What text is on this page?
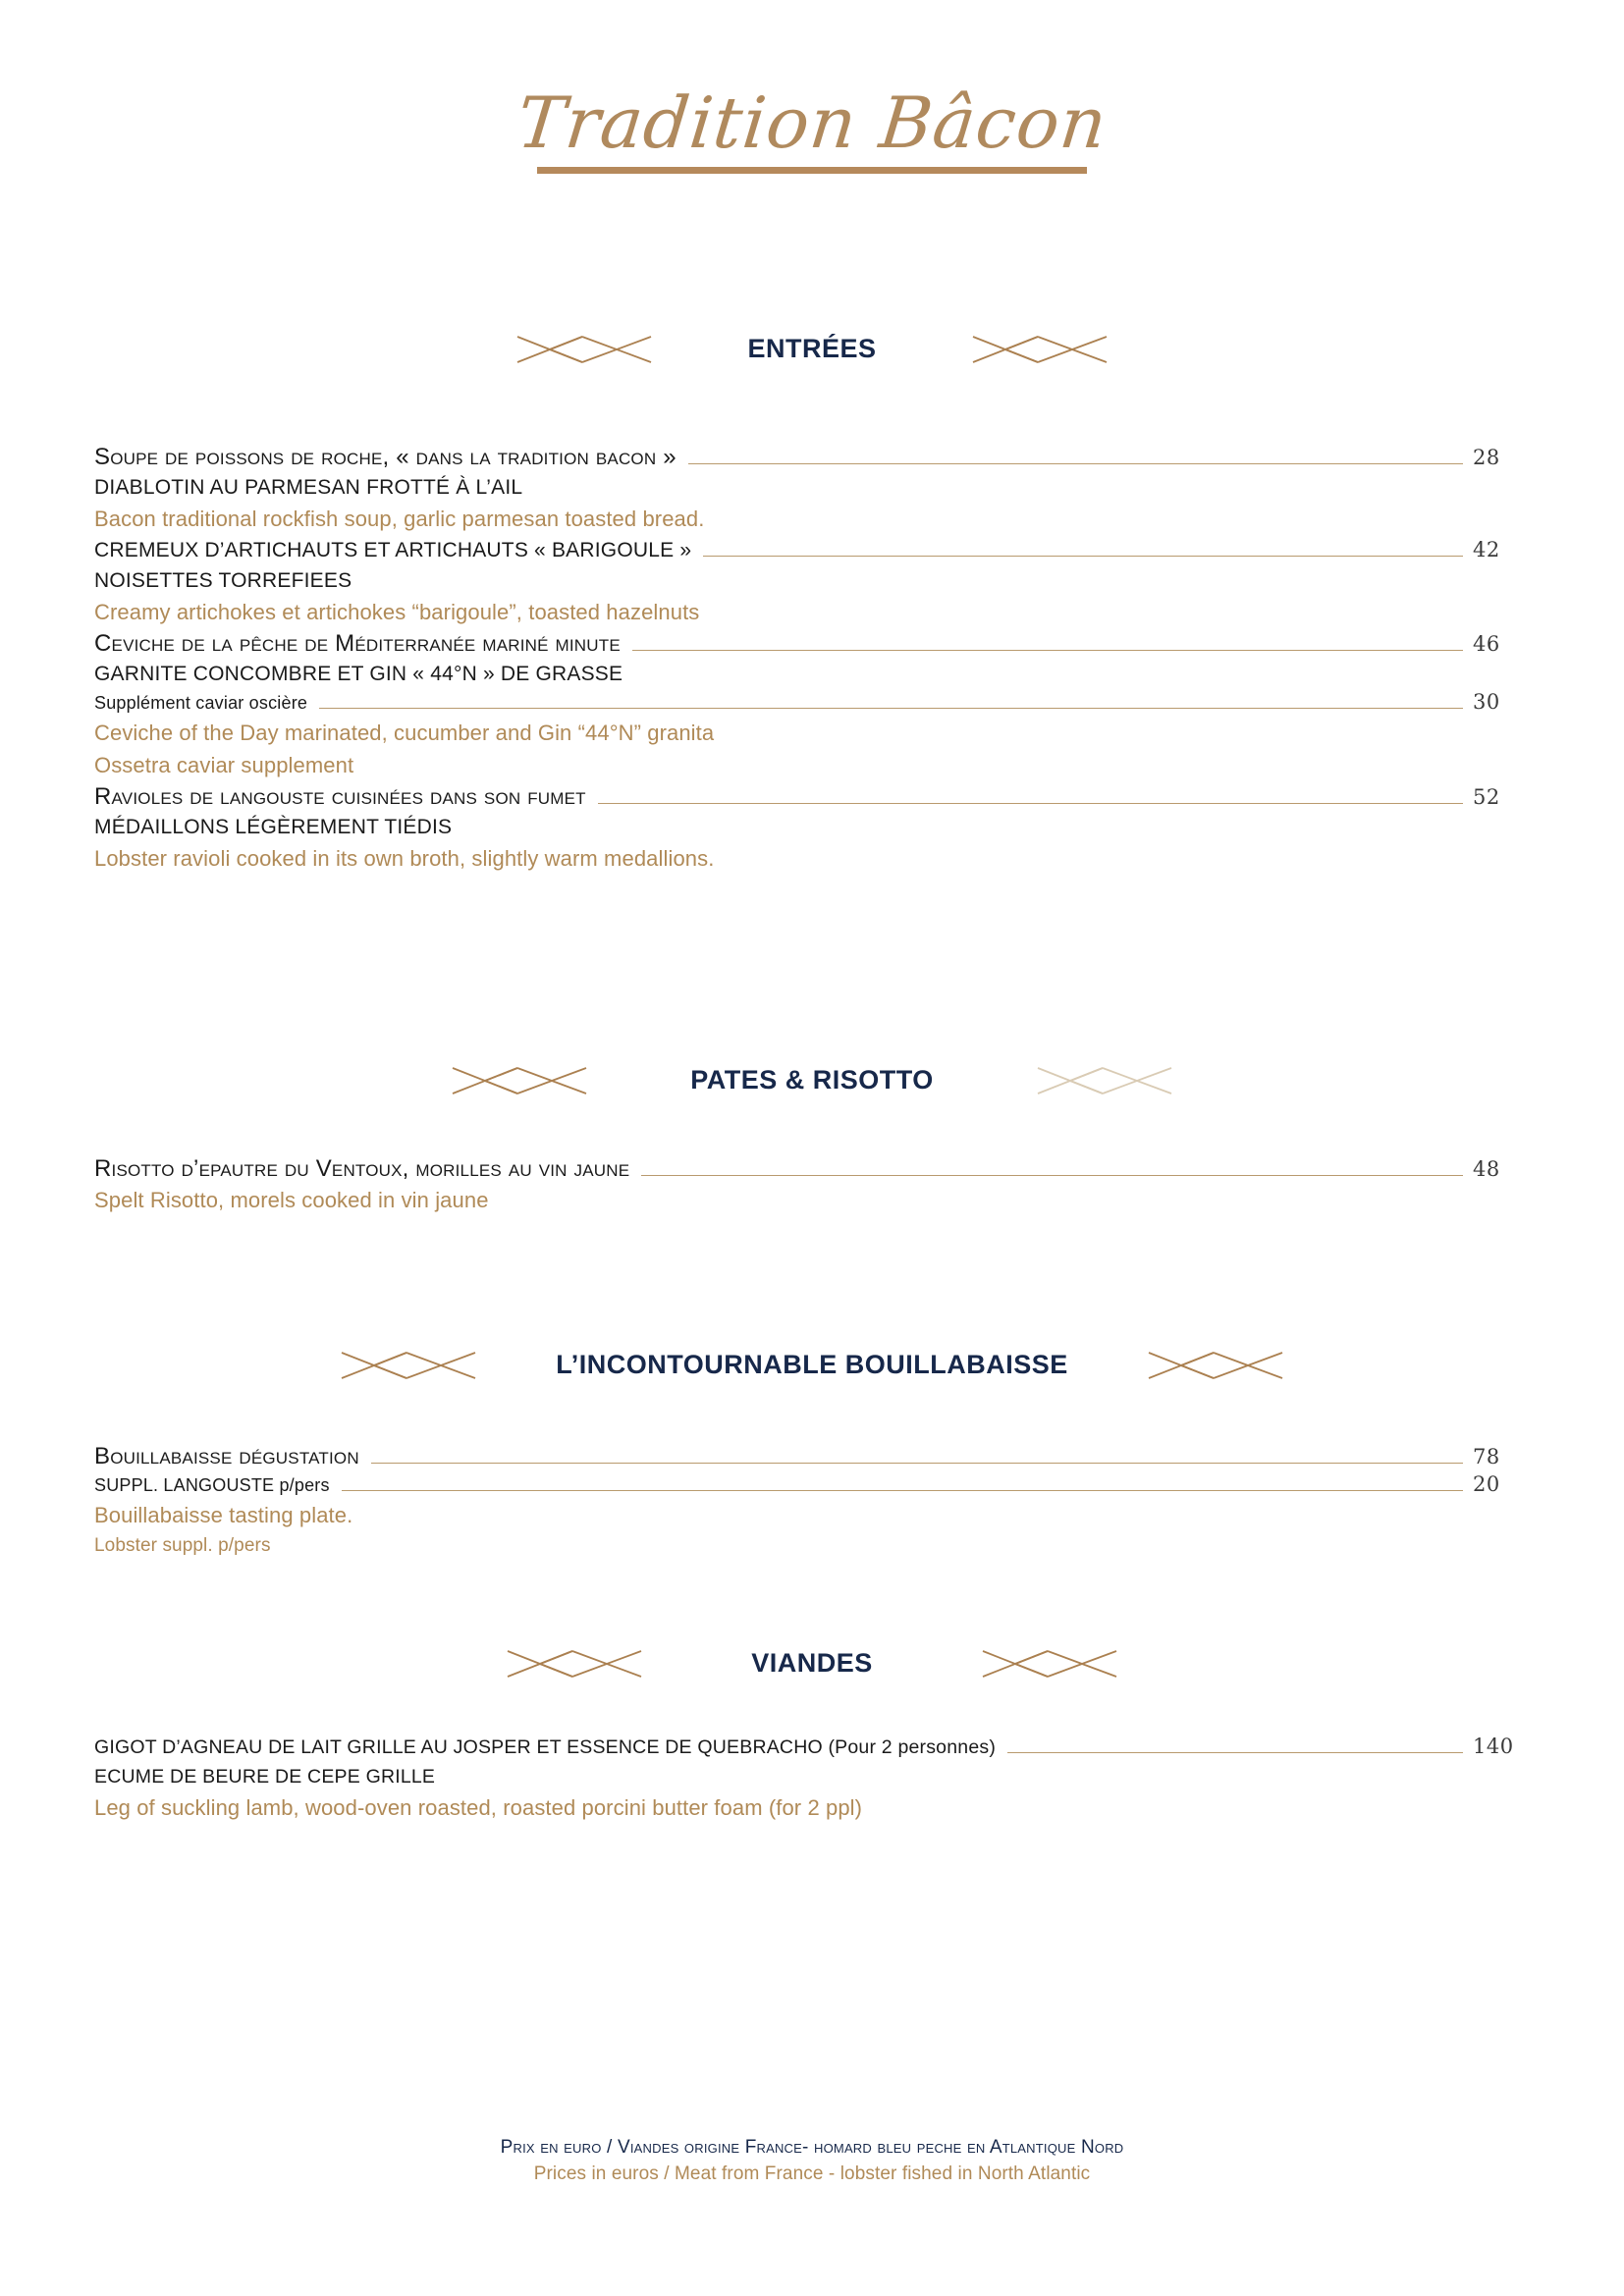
Tradition Bâcon
ENTRÉES
Soupe de poissons de roche, « dans la tradition bacon »	28
DIABLOTIN AU PARMESAN FROTTÉ À L’AIL
Bacon traditional rockfish soup, garlic parmesan toasted bread.
CREMEUX D’ARTICHAUTS ET ARTICHAUTS « BARIGOULE »	42
NOISETTES TORREFIEES
Creamy artichokes et artichokes “barigoule”, toasted hazelnuts
Ceviche de la pêche de Méditerranée mariné minute	46
GARNITE CONCOMBRE ET GIN « 44°N » DE GRASSE
Supplément caviar oscière	30
Ceviche of the Day marinated, cucumber and Gin “44°N” granita
Ossetra caviar supplement
Ravioles de langouste cuisinées dans son fumet	52
MÉDAILLONS LÉGÈREMENT TIÉDIS
Lobster ravioli cooked in its own broth, slightly warm medallions.
PATES & RISOTTO
Risotto d’epautre du Ventoux, morilles au vin jaune	48
Spelt Risotto, morels cooked in vin jaune
L’INCONTOURNABLE BOUILLABAISSE
Bouillabaisse dégustation	78
SUPPL. LANGOUSTE p/pers	20
Bouillabaisse tasting plate.
Lobster suppl. p/pers
VIANDES
GIGOT D’AGNEAU DE LAIT GRILLE AU JOSPER ET ESSENCE DE QUEBRACHO (Pour 2 personnes)	140
ECUME DE BEURE DE CEPE GRILLE
Leg of suckling lamb, wood-oven roasted, roasted porcini butter foam (for 2 ppl)
Prix en euro / Viandes origine France- homard bleu peche en Atlantique Nord
Prices in euros / Meat from France - lobster fished in North Atlantic
